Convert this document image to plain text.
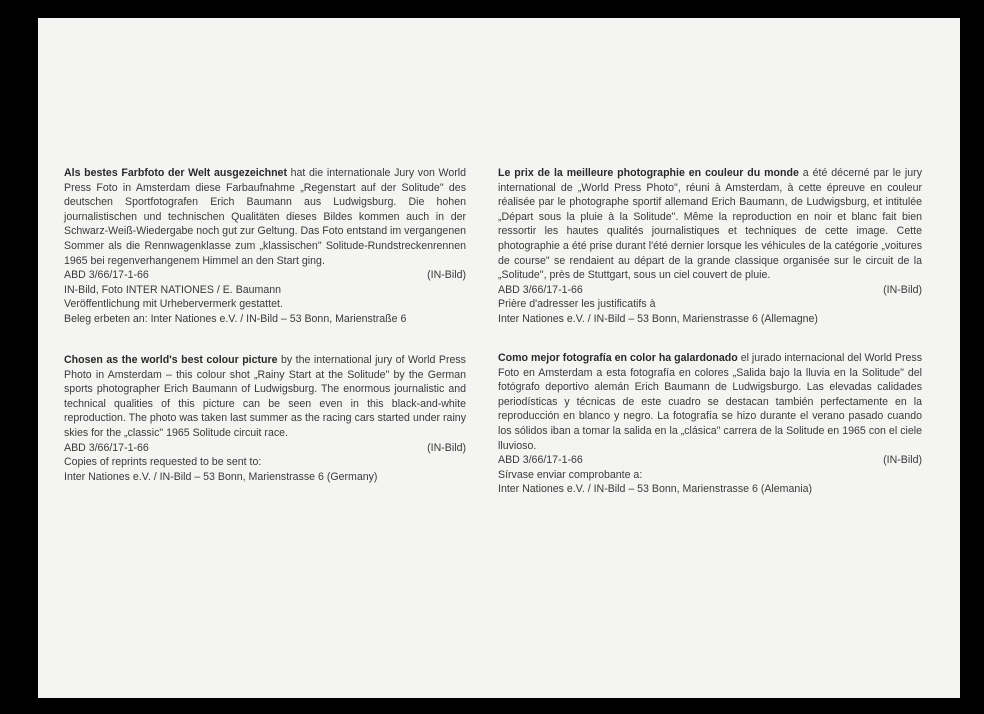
Als bestes Farbfoto der Welt ausgezeichnet hat die internationale Jury von World Press Foto in Amsterdam diese Farbaufnahme „Regenstart auf der Solitude" des deutschen Sportfotografen Erich Baumann aus Ludwigsburg. Die hohen journalistischen und technischen Qualitäten dieses Bildes kommen auch in der Schwarz-Weiß-Wiedergabe noch gut zur Geltung. Das Foto entstand im vergangenen Sommer als die Rennwagenklasse zum „klassischen" Solitude-Rundstreckenrennen 1965 bei regenverhangenem Himmel an den Start ging.

ABD 3/66/17-1-66	(IN-Bild)

IN-Bild, Foto INTER NATIONES / E. Baumann

Veröffentlichung mit Urhebervermerk gestattet.

Beleg erbeten an: Inter Nationes e.V. / IN-Bild – 53 Bonn, Marienstraße 6

Chosen as the world's best colour picture by the international jury of World Press Photo in Amsterdam – this colour shot „Rainy Start at the Solitude" by the German sports photographer Erich Baumann of Ludwigsburg. The enormous journalistic and technical qualities of this picture can be seen even in this black-and-white reproduction. The photo was taken last summer as the racing cars started under rainy skies for the „classic" 1965 Solitude circuit race.

ABD 3/66/17-1-66	(IN-Bild)

Copies of reprints requested to be sent to:

Inter Nationes e.V. / IN-Bild – 53 Bonn, Marienstrasse 6 (Germany)

Le prix de la meilleure photographie en couleur du monde a été décerné par le jury international de „World Press Photo", réuni à Amsterdam, à cette épreuve en couleur réalisée par le photographe sportif allemand Erich Baumann, de Ludwigsburg, et intitulée „Départ sous la pluie à la Solitude". Même la reproduction en noir et blanc fait bien ressortir les hautes qualités journalistiques et techniques de cette image. Cette photographie a été prise durant l'été dernier lorsque les véhicules de la catégorie „voitures de course" se rendaient au départ de la grande classique organisée sur le circuit de la „Solitude", près de Stuttgart, sous un ciel couvert de pluie.

ABD 3/66/17-1-66	(IN-Bild)

Prière d'adresser les justificatifs à

Inter Nationes e.V. / IN-Bild – 53 Bonn, Marienstrasse 6 (Allemagne)

Como mejor fotografía en color ha galardonado el jurado internacional del World Press Foto en Amsterdam a esta fotografía en colores „Salida bajo la lluvia en la Solitude" del fotógrafo deportivo alemán Erich Baumann de Ludwigsburgo. Las elevadas calidades periodísticas y técnicas de este cuadro se destacan también perfectamente en la reproducción en blanco y negro. La fotografía se hizo durante el verano pasado cuando los sólidos iban a tomar la salida en la „clásica" carrera de la Solitude en 1965 con el ciele lluvioso.

ABD 3/66/17-1-66	(IN-Bild)

Sírvase enviar comprobante a:

Inter Nationes e.V. / IN-Bild – 53 Bonn, Marienstrasse 6 (Alemania)
